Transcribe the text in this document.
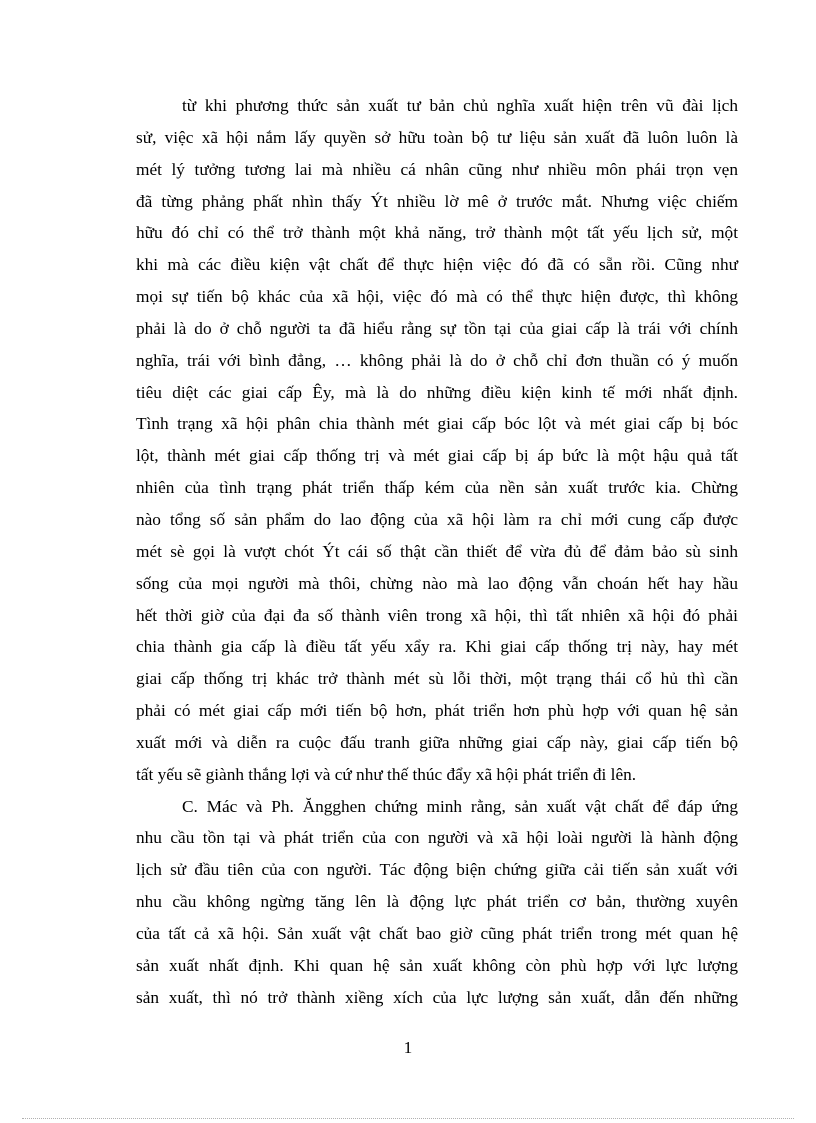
từ khi phương thức sản xuất tư bản chủ nghĩa xuất hiện trên vũ đài lịch
sử, việc xã hội nắm lấy quyền sở hữu toàn bộ tư liệu sản xuất đã luôn luôn là
mét lý tưởng tương lai mà nhiều cá nhân cũng như nhiều môn phái trọn vẹn
đã từng phảng phất nhìn thấy Ýt nhiều lờ mê ở trước mắt. Nhưng việc chiếm
hữu đó chỉ có thể trở thành một khả năng, trở thành một tất yếu lịch sử, một
khi mà các điều kiện vật chất để thực hiện việc đó đã có sẵn rồi. Cũng như
mọi sự tiến bộ khác của xã hội, việc đó mà có thể thực hiện được, thì không
phải là do ở chỗ người ta đã hiểu rằng sự tồn tại của giai cấp là trái với chính
nghĩa, trái với bình đẳng, … không phải là do ở chỗ chỉ đơn thuần có ý muốn
tiêu diệt các giai cấp Êy, mà là do những điều kiện kinh tế mới nhất định.
Tình trạng xã hội phân chia thành mét giai cấp bóc lột và mét giai cấp bị bóc
lột, thành mét giai cấp thống trị và mét giai cấp bị áp bức là một hậu quả tất
nhiên của tình trạng phát triển thấp kém của nền sản xuất trước kia. Chừng
nào tổng số sản phẩm do lao động của xã hội làm ra chỉ mới cung cấp được
mét sè gọi là vượt chót Ýt cái số thật cần thiết để vừa đủ để đảm bảo sù sinh
sống của mọi người mà thôi, chừng nào mà lao động vẫn choán hết hay hầu
hết thời giờ của đại đa số thành viên trong xã hội, thì tất nhiên xã hội đó phải
chia thành gia cấp là điều tất yếu xẩy ra. Khi giai cấp thống trị này, hay mét
giai cấp thống trị khác trở thành mét sù lỗi thời, một trạng thái cổ hủ thì cần
phải có mét giai cấp mới tiến bộ hơn, phát triển hơn phù hợp với quan hệ sản
xuất mới và diễn ra cuộc đấu tranh giữa những giai cấp này, giai cấp tiến bộ
tất yếu sẽ giành thắng lợi và cứ như thế thúc đẩy xã hội phát triển đi lên.
C. Mác và Ph. Ăngghen chứng minh rằng, sản xuất vật chất để đáp ứng
nhu cầu tồn tại và phát triển của con người và xã hội loài người là hành động
lịch sử đầu tiên của con người. Tác động biện chứng giữa cải tiến sản xuất với
nhu cầu không ngừng tăng lên là động lực phát triển cơ bản, thường xuyên
của tất cả xã hội. Sản xuất vật chất bao giờ cũng phát triển trong mét quan hệ
sản xuất nhất định. Khi quan hệ sản xuất không còn phù hợp với lực lượng
sản xuất, thì nó trở thành xiềng xích của lực lượng sản xuất, dẫn đến những
1
